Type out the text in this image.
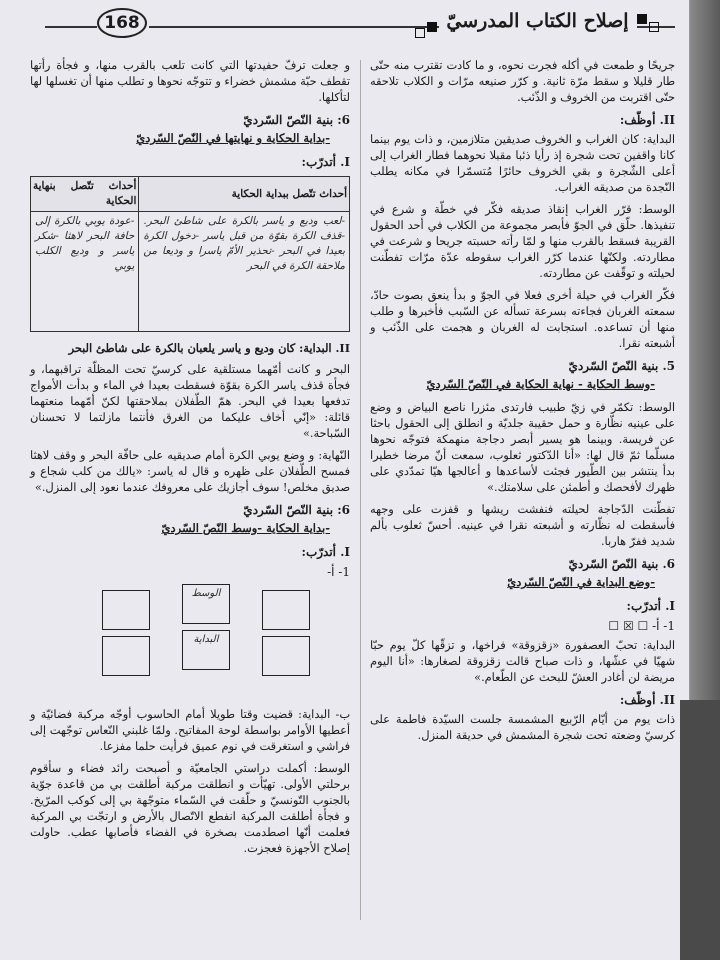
168	إصلاح الكتاب المدرسيّ

جريحًا و طمعت في أكله فجرت نحوه، و ما كادت تقترب منه حتّى طار قليلا و سقط مرّة ثانية. و كرّر صنيعه مرّات و الكلاب تلاحقه حتّى اقتربت من الخروف و الذّئب.

II. أوظّف:

البداية: كان الغراب و الخروف صديقين متلازمين، و ذات يوم بينما كانا واقفين تحت شجرة إذ رأيا ذئبا مقبلا نحوهما فطار الغراب إلى أعلى الشّجرة و بقي الخروف حائرًا مُتسمّرا في مكانه يطلب النّجدة من صديقه الغراب.

الوسط: قرّر الغراب إنقاذ صديقه فكّر في خطّة و شرع في تنفيذها. حلّق في الجوّ فأبصر مجموعة من الكلاب في أحد الحقول القريبة فسقط بالقرب منها و لمّا رأته حسبته جريحا و شرعت في مطاردته. ولكنّها عندما كرّر الغراب سقوطه عدّة مرّات تفطّنت لحيلته و توقّفت عن مطاردته.

فكّر الغراب في حيلة أخرى فعلا في الجوّ و بدأ ينعق بصوت حادّ، سمعته الغربان فجاءته بسرعة تسأله عن السّبب فأخبرها و طلب منها أن تساعده. استجابت له الغربان و هجمت على الذّئب و أشبعته نقرا.

5. بنية النّصّ السّرديّ
-وسط الحكاية - نهاية الحكاية في النّصّ السّرديّ

الوسط: تكمّر في زيّ طبيب فارتدى مئزرا ناصع البياض و وضع على عينيه نظّارة و حمل حقيبة جلديّة و انطلق إلى الحقول باحثا عن فريسة. وبينما هو يسير أبصر دجاجة منهمكة فتوجّه نحوها مسلّما ثمّ قال لها: «أنا الدّكتور ثعلوب، سمعت أنّ مرضا خطيرا بدأ ينتشر بين الطّيور فجئت لأساعدها و أعالجها هيّا تمدّدي على ظهرك لأفحصك و أطمئن على سلامتك.»

تفطّنت الدّجاجة لحيلته فنفشت ريشها و قفزت على وجهه فأسقطت له نظّارته و أشبعته نقرا في عينيه. أحسّ ثعلوب بألم شديد ففرّ هاربا.

6. بنية النّصّ السّرديّ
-وضع البداية في النّصّ السّرديّ
I. أتدرّب:
1- أ- ☐ ☒ ☐

البداية: تحبّ العصفورة «زقزوقة» فراخها، و تزقّها كلّ يوم حبّا شهيّا في عشّها، و ذات صباح قالت زقزوقة لصغارها: «أنا اليوم مريضة لن أغادر العشّ للبحث عن الطّعام.»

II. أوظّف:

ذات يوم من أيّام الرّبيع المشمسة جلست السيّدة فاطمة على كرسيّ وضعته تحت شجرة المشمش في حديقة المنزل.

و جعلت ترفّ حفيدتها التي كانت تلعب بالقرب منها، و فجأة رأتها تقطف حبّة مشمش خضراء و تتوجّه نحوها و تطلب منها أن تغسلها لها لتأكلها.

6: بنية النّصّ السّرديّ
-بداية الحكاية و نهايتها في النّصّ السّرديّ
I. أتدرّب:
أحداث تتّصل ببداية الحكاية	أحداث تتّصل بنهاية الحكاية
-لعب وديع و ياسر بالكرة على شاطئ البحر. -قذف الكرة بقوّة من قبل ياسر -دخول الكرة بعيدا في البحر -تحذير الأمّ ياسرا و وديعا من ملاحقة الكرة في البحر	-عودة يوبي بالكرة إلى حافة البحر لاهثا -شكر ياسر و وديع الكلب يوبي

II. البداية: كان وديع و ياسر يلعبان بالكرة على شاطئ البحر

البحر و كانت أمّهما مستلقية على كرسيّ تحت المظلّة تراقبهما، و فجأة قذف ياسر الكرة بقوّة فسقطت بعيدا في الماء و بدأت الأمواج تدفعها بعيدا في البحر. همّ الطّفلان بملاحقتها لكنّ أمّهما منعتهما قائلة: «إنّي أخاف عليكما من الغرق فأنتما مازلتما لا تحسنان السّباحة.»

النّهاية: و وضع يوبي الكرة أمام صديقيه على حافّة البحر و وقف لاهثا فمسح الطّفلان على ظهره و قال له ياسر: «يالك من كلب شجاع و صديق مخلص! سوف أجازيك على معروفك عندما نعود إلى المنزل.»

6: بنية النّصّ السّرديّ
-بداية الحكاية -وسط النّصّ السّرديّ
I. أتدرّب:
1- أ-
الوسط
البداية

ب- البداية: قضيت وقتا طويلا أمام الحاسوب أوجّه مركبة فضائيّة و أعطيها الأوامر بواسطة لوحة المفاتيح. ولمّا غلبني النّعاس توجّهت إلى فراشي و استغرقت في نوم عميق فرأيت حلما مفزعا.

الوسط: أكملت دراستي الجامعيّة و أصبحت رائد فضاء و سأقوم برحلتي الأولى. تهيّأت و انطلقت مركبة أطلقت بي من قاعدة جوّية بالجنوب التّونسيّ و حلّقت في السّماء متوجّهة بي إلى كوكب المرّيخ. و فجأة أطلقت المركبة انفطع الاتّصال بالأرض و ارتجّت بي المركبة فعلمت أنّها اصطدمت بصخرة في الفضاء فأصابها عطب. حاولت إصلاح الأجهزة فعجزت.
